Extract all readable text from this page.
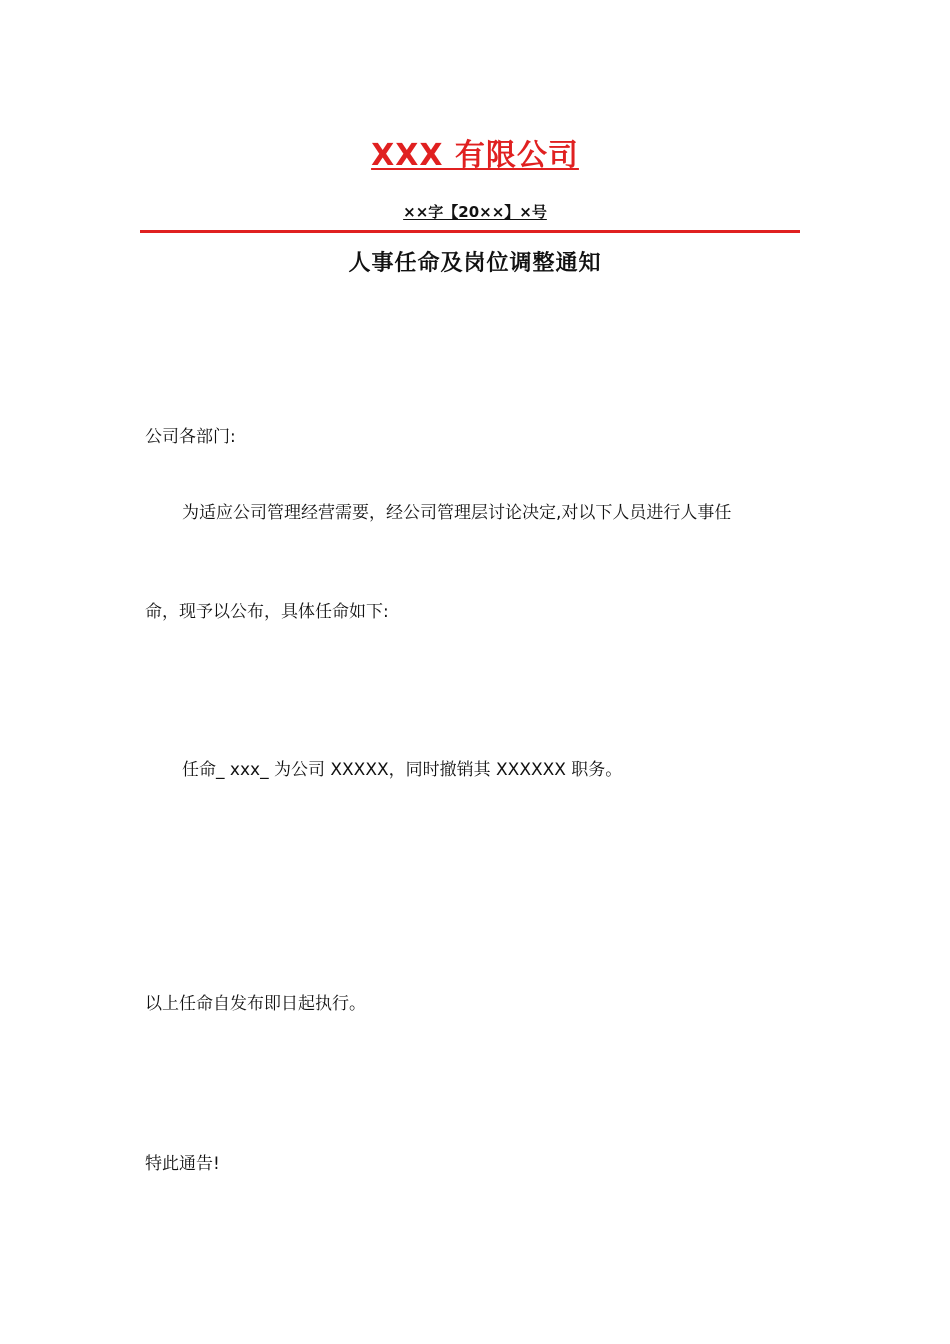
XXX 有限公司
××字【20××】×号
人事任命及岗位调整通知
公司各部门:
为适应公司管理经营需要，经公司管理层讨论决定,对以下人员进行人事任
命，现予以公布，具体任命如下:
任命_ xxx_ 为公司 XXXXX，同时撤销其 XXXXXX 职务。
以上任命自发布即日起执行。
特此通告!
